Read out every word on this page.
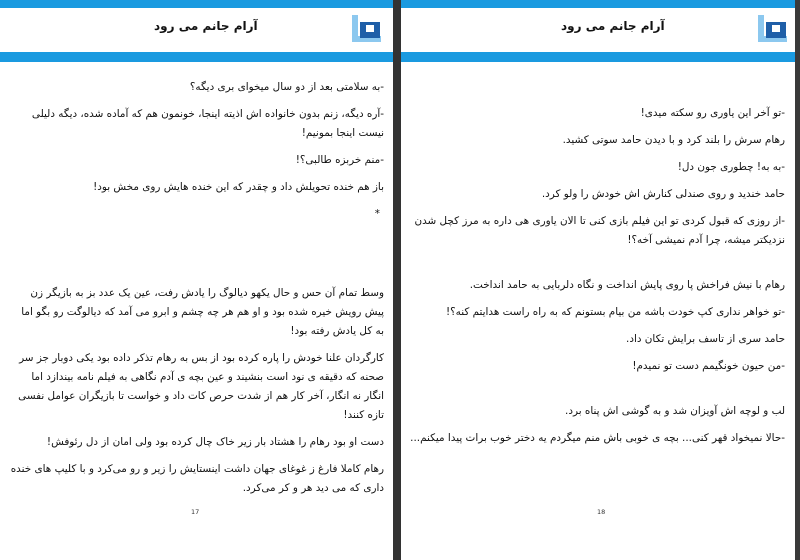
آرام جانم می رود

-به سلامتی بعد از دو سال میخوای بری دیگه؟

-آره دیگه، زنم بدون خانواده اش اذیته اینجا، خونمون هم که آماده شده، دیگه دلیلی نیست اینجا بمونیم!

-منم خربزه طالبی؟!

باز هم خنده تحویلش داد و چقدر که این خنده هایش روی مخش بود!

*

وسط تمام آن حس و حال یکهو دیالوگ را یادش رفت، عین یک عدد بز به بازیگر زن پیش رویش خیره شده بود و او هم هر چه چشم و ابرو می آمد که دیالوگت رو بگو اما به کل یادش رفته بود!

کارگردان علنا خودش را پاره کرده بود از بس به رهام تذکر داده بود یکی دوبار جز سر صحنه که دقیقه ی نود است بنشیند و عین بچه ی آدم نگاهی به فیلم نامه بیندازد اما انگار نه انگار، آخر کار هم از شدت حرص کات داد و خواست تا بازیگران عوامل نفسی تازه کنند!

دست او بود رهام را هشتاد بار زیر خاک چال کرده بود ولی امان از دل رئوفش!

رهام کاملا فارغ ز غوغای جهان داشت اینستایش را زیر و رو می‌کرد و با کلیپ های خنده داری که می دید هر و کر می‌کرد.

17
آرام جانم می رود

-تو آخر این یاوری رو سکته میدی!

رهام سرش را بلند کرد و با دیدن حامد سوتی کشید.

-به به! چطوری جون دل!

حامد خندید و روی صندلی کنارش اش خودش را ولو کرد.

-از روزی که قبول کردی تو این فیلم بازی کنی تا الان یاوری هی داره به مرز کچل شدن نزدیکتر میشه، چرا آدم نمیشی آخه؟!

رهام با نیش فراخش پا روی پایش انداخت و نگاه دلربایی به حامد انداخت.

-تو خواهر نداری کپ خودت باشه من بیام بستونم که به راه راست هدایتم کنه؟!

حامد سری از تاسف برایش تکان داد.

-من حیون خونگیمم دست تو نمیدم!

لب و لوچه اش آویزان شد و به گوشی اش پناه برد.

-حالا نمیخواد قهر کنی... بچه ی خوبی باش منم میگردم یه دختر خوب برات پیدا میکنم...

18
